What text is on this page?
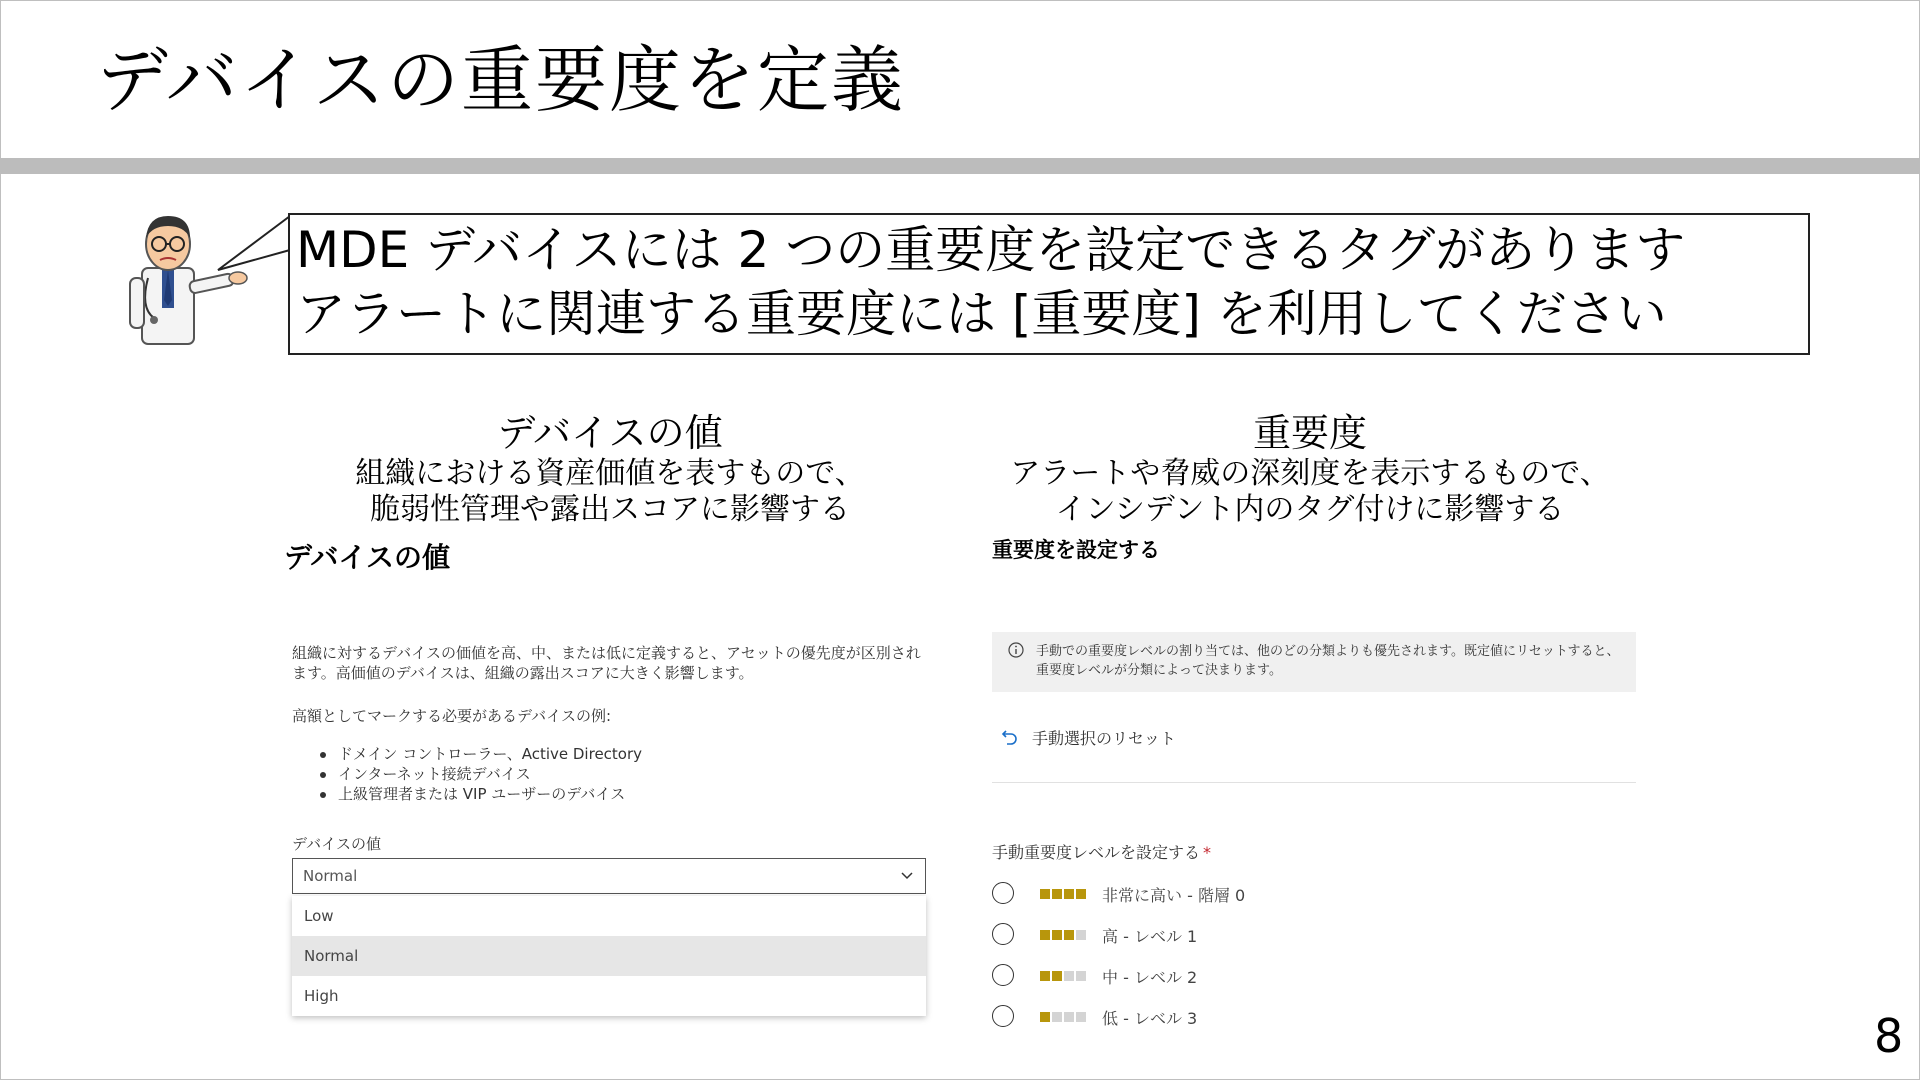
デバイスの重要度を定義
MDE デバイスには 2 つの重要度を設定できるタグがあります
アラートに関連する重要度には [重要度] を利用してください
デバイスの値
組織における資産価値を表すもので、
脆弱性管理や露出スコアに影響する
重要度
アラートや脅威の深刻度を表示するもので、
インシデント内のタグ付けに影響する
デバイスの値
組織に対するデバイスの価値を高、中、または低に定義すると、アセットの優先度が区別されます。高価値のデバイスは、組織の露出スコアに大きく影響します。
高額としてマークする必要があるデバイスの例:
ドメイン コントローラー、Active Directory
インターネット接続デバイス
上級管理者または VIP ユーザーのデバイス
デバイスの値
Normal
Low
Normal
High
重要度を設定する
手動での重要度レベルの割り当ては、他のどの分類よりも優先されます。既定値にリセットすると、重要度レベルが分類によって決まります。
手動選択のリセット
手動重要度レベルを設定する *
非常に高い - 階層 0
高 - レベル 1
中 - レベル 2
低 - レベル 3	8
